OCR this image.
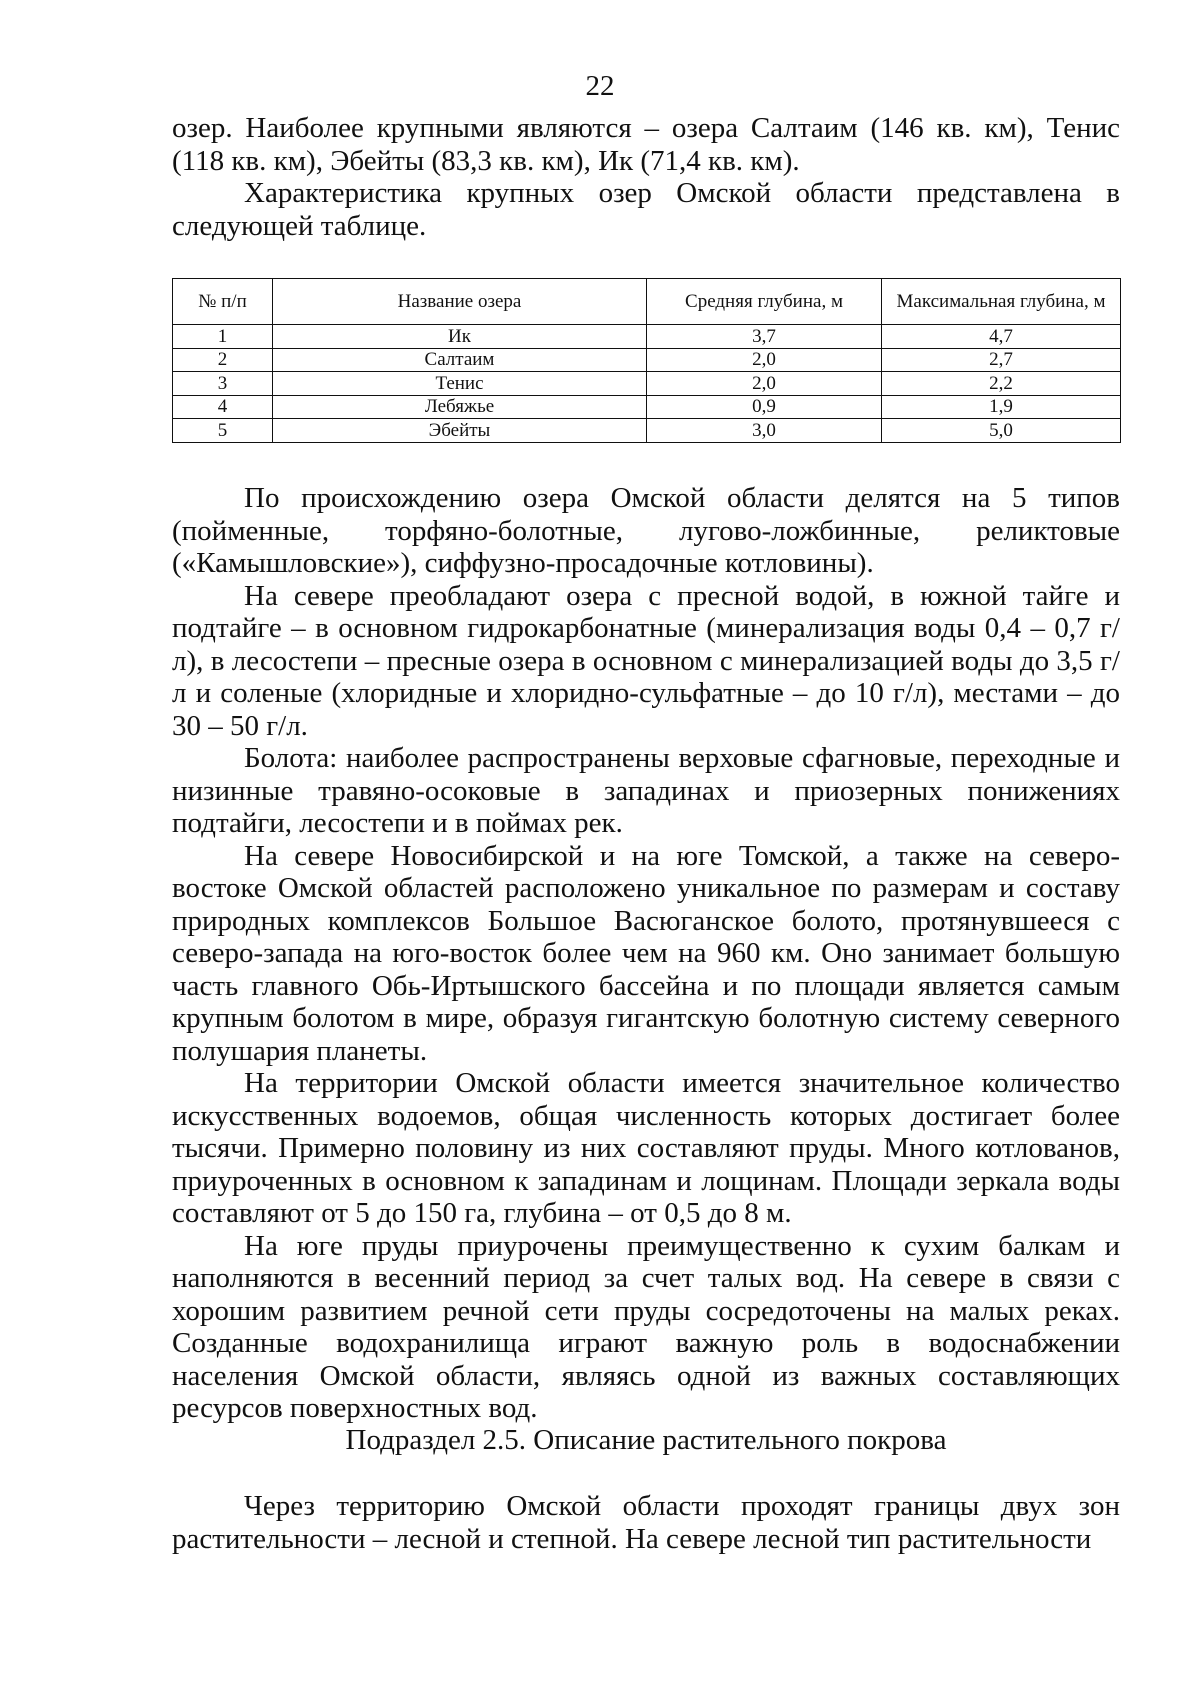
22

озер. Наиболее крупными являются – озера Салтаим (146 кв. км), Тенис (118 кв. км), Эбейты (83,3 кв. км), Ик (71,4 кв. км).

Характеристика крупных озер Омской области представлена в следующей таблице.

№ п/п	Название озера	Средняя глубина, м	Максимальная глубина, м
1	Ик	3,7	4,7
2	Салтаим	2,0	2,7
3	Тенис	2,0	2,2
4	Лебяжье	0,9	1,9
5	Эбейты	3,0	5,0

По происхождению озера Омской области делятся на 5 типов (пойменные, торфяно-болотные, лугово-ложбинные, реликтовые («Камышловские»), сиффузно-просадочные котловины).

На севере преобладают озера с пресной водой, в южной тайге и подтайге – в основном гидрокарбонатные (минерализация воды 0,4 – 0,7 г/л), в лесостепи – пресные озера в основном с минерализацией воды до 3,5 г/л и соленые (хлоридные и хлоридно-сульфатные – до 10 г/л), местами – до 30 – 50 г/л.

Болота: наиболее распространены верховые сфагновые, переходные и низинные травяно-осоковые в западинах и приозерных понижениях подтайги, лесостепи и в поймах рек.

На севере Новосибирской и на юге Томской, а также на северо-востоке Омской областей расположено уникальное по размерам и составу природных комплексов Большое Васюганское болото, протянувшееся с северо-запада на юго-восток более чем на 960 км. Оно занимает большую часть главного Обь-Иртышского бассейна и по площади является самым крупным болотом в мире, образуя гигантскую болотную систему северного полушария планеты.

На территории Омской области имеется значительное количество искусственных водоемов, общая численность которых достигает более тысячи. Примерно половину из них составляют пруды. Много котлованов, приуроченных в основном к западинам и лощинам. Площади зеркала воды составляют от 5 до 150 га, глубина – от 0,5 до 8 м.

На юге пруды приурочены преимущественно к сухим балкам и наполняются в весенний период за счет талых вод. На севере в связи с хорошим развитием речной сети пруды сосредоточены на малых реках. Созданные водохранилища играют важную роль в водоснабжении населения Омской области, являясь одной из важных составляющих ресурсов поверхностных вод.

Подраздел 2.5. Описание растительного покрова

Через территорию Омской области проходят границы двух зон растительности – лесной и степной. На севере лесной тип растительности
